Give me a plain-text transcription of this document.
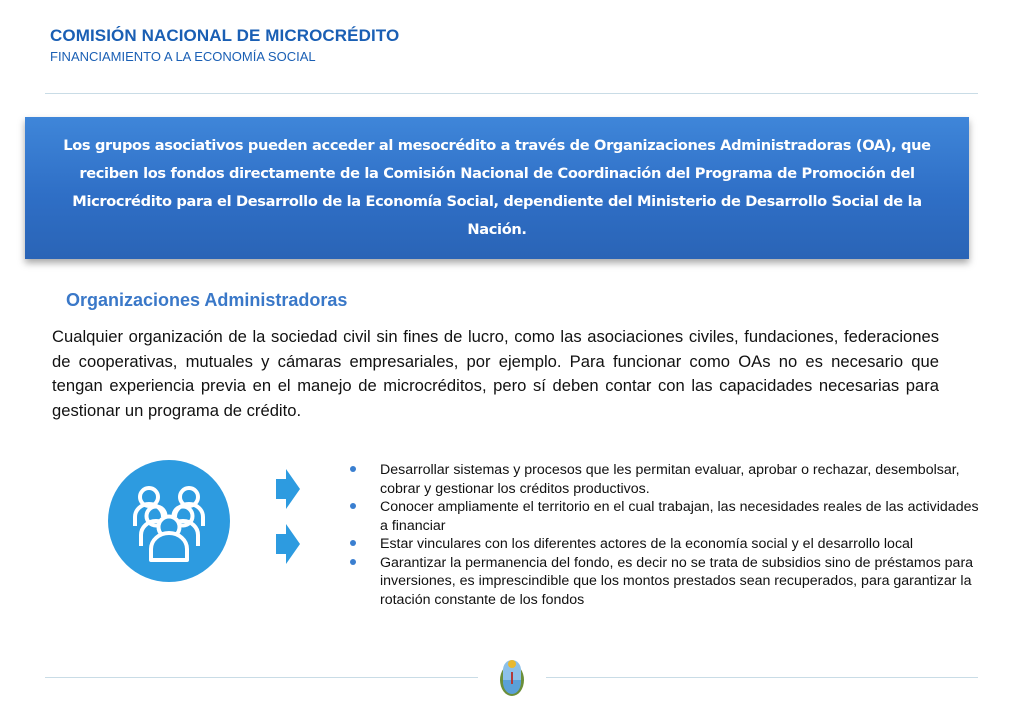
COMISIÓN NACIONAL DE MICROCRÉDITO
FINANCIAMIENTO A LA ECONOMÍA SOCIAL

Los grupos asociativos pueden acceder al mesocrédito a través de Organizaciones Administradoras (OA), que reciben los fondos directamente de la Comisión Nacional de Coordinación del Programa de Promoción del Microcrédito para el Desarrollo de la Economía Social, dependiente del Ministerio de Desarrollo Social de la Nación.

Organizaciones Administradoras

Cualquier organización de la sociedad civil sin fines de lucro, como las asociaciones civiles, fundaciones, federaciones de cooperativas, mutuales y cámaras empresariales, por ejemplo. Para funcionar como OAs no es necesario que tengan experiencia previa en el manejo de microcréditos, pero sí deben contar con las capacidades necesarias para gestionar un programa de crédito.

Desarrollar sistemas y procesos que les permitan evaluar, aprobar o rechazar, desembolsar, cobrar y gestionar los créditos productivos.
Conocer ampliamente el territorio en el cual trabajan, las necesidades reales de las actividades a financiar
Estar vinculares con los diferentes actores de la economía social y el desarrollo local
Garantizar la permanencia del fondo, es decir no se trata de subsidios sino de préstamos para inversiones, es imprescindible que los montos prestados sean recuperados, para garantizar la rotación constante de los fondos
